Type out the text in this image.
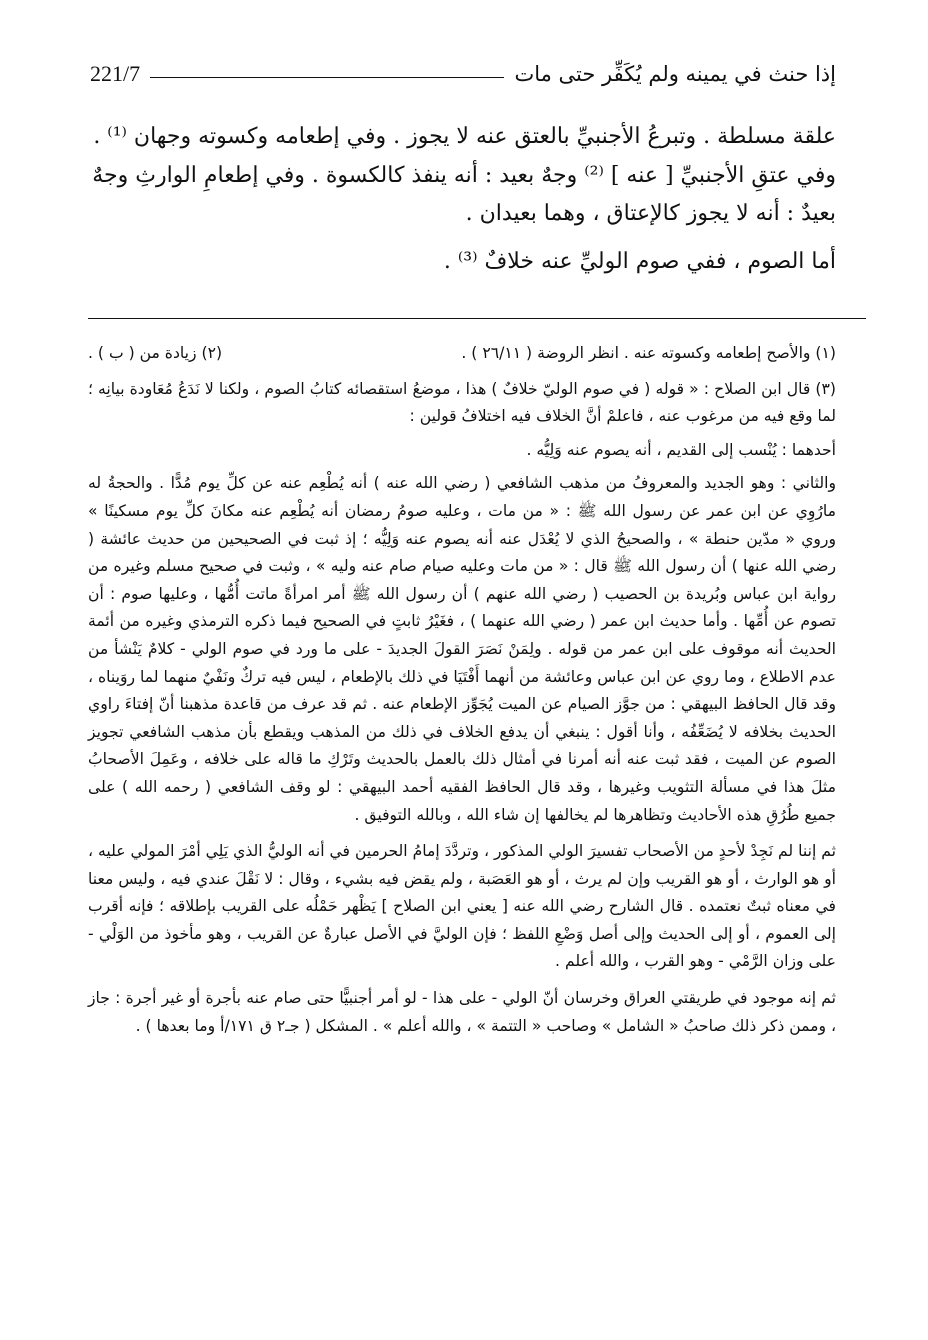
إذا حنث في يمينه ولم يُكَفِّر حتى مات
221/7

علقة مسلطة . وتبرعُ الأجنبيِّ بالعتق عنه لا يجوز . وفي إطعامه وكسوته وجهان ⁽¹⁾ .

وفي عتقِ الأجنبيِّ [ عنه ] ⁽²⁾ وجهٌ بعيد : أنه ينفذ كالكسوة . وفي إطعامِ الوارثِ وجهٌ

بعيدٌ : أنه لا يجوز كالإعتاق ، وهما بعيدان .

أما الصوم ، ففي صوم الوليِّ عنه خلافٌ ⁽³⁾ .

(١) والأصح إطعامه وكسوته عنه . انظر الروضة ( ٢٦/١١ ) .
(٢) زيادة من ( ب ) .

(٣) قال ابن الصلاح : « قوله ( في صوم الوليّ خلافٌ ) هذا ، موضعُ استقصائه كتابُ الصوم ، ولكنا لا نَدَعُ مُعَاودة بيانِه ؛ لما وقع فيه من مرغوب عنه ، فاعلمْ أنَّ الخلاف فيه اختلافُ قولين :

أحدهما : يُنْسب إلى القديم ، أنه يصوم عنه وَلِيُّه .

والثاني : وهو الجديد والمعروفُ من مذهب الشافعي ( رضي الله عنه ) أنه يُطْعِم عنه عن كلِّ يوم مُدًّا . والحجةُ له مارُوِي عن ابن عمر عن رسول الله ﷺ : « من مات ، وعليه صومُ رمضان أنه يُطْعِم عنه مكانَ كلِّ يوم مسكينًا » وروي « مدّين حنطة » ، والصحيحُ الذي لا يُعْدَل عنه أنه يصوم عنه وَلِيُّه ؛ إذ ثبت في الصحيحين من حديث عائشة ( رضي الله عنها ) أن رسول الله ﷺ قال : « من مات وعليه صيام صام عنه وليه » ، وثبت في صحيح مسلم وغيره من رواية ابن عباس وبُريدة بن الحصيب ( رضي الله عنهم ) أن رسول الله ﷺ أمر امرأةً ماتت أُمُّها ، وعليها صوم : أن تصوم عن أُمِّها . وأما حديث ابن عمر ( رضي الله عنهما ) ، فغَيْرُ ثابتٍ في الصحيح فيما ذكره الترمذي وغيره من أئمة الحديث أنه موقوف على ابن عمر من قوله . ولِمَنْ نَصَرَ القولَ الجديدَ - على ما ورد في صوم الولي - كلامٌ يَنْشأ من عدم الاطلاع ، وما روي عن ابن عباس وعائشة من أنهما أَفْتَيَا في ذلك بالإطعام ، ليس فيه تركٌ ونَفْيٌ منهما لما روَيناه ، وقد قال الحافظ البيهقي : من جوَّز الصيام عن الميت يُجَوِّز الإطعام عنه . ثم قد عرف من قاعدة مذهبنا أنّ إفتاءَ راوي الحديث بخلافه لا يُضَعِّفُه ، وأنا أقول : ينبغي أن يدفع الخلاف في ذلك من المذهب ويقطع بأن مذهب الشافعي تجويز الصوم عن الميت ، فقد ثبت عنه أنه أمرنا في أمثال ذلك بالعمل بالحديث وتَرْكِ ما قاله على خلافه ، وعَمِلَ الأصحابُ مثلَ هذا في مسألة التثويب وغيرها ، وقد قال الحافظ الفقيه أحمد البيهقي : لو وقف الشافعي ( رحمه الله ) على جميع طُرُقِ هذه الأحاديث وتظاهرها لم يخالفها إن شاء الله ، وبالله التوفيق .

ثم إننا لم نَجِدْ لأحدٍ من الأصحاب تفسيرَ الولي المذكور ، وتردَّدَ إمامُ الحرمين في أنه الوليُّ الذي يَلِي أمْرَ المولي عليه ، أو هو الوارث ، أو هو القريب وإن لم يرث ، أو هو العَصَبة ، ولم يقض فيه بشيء ، وقال : لا نَقْلَ عندي فيه ، وليس معنا في معناه ثبتٌ نعتمده . قال الشارح رضي الله عنه [ يعني ابن الصلاح ] يَظْهر حَمْلُه على القريب بإطلاقه ؛ فإنه أقرب إلى العموم ، أو إلى الحديث وإلى أصل وَضْعِ اللفظ ؛ فإن الوليَّ في الأصل عبارةٌ عن القريب ، وهو مأخوذ من الوَلْي - على وزان الرَّمْي - وهو القرب ، والله أعلم .

ثم إنه موجود في طريقتي العراق وخرسان أنّ الولي - على هذا - لو أمر أجنبيًّا حتى صام عنه بأجرة أو غير أجرة : جاز ، وممن ذكر ذلك صاحبُ « الشامل » وصاحب « التتمة » ، والله أعلم » . المشكل ( جـ٢ ق ١٧١/أ وما بعدها ) .
